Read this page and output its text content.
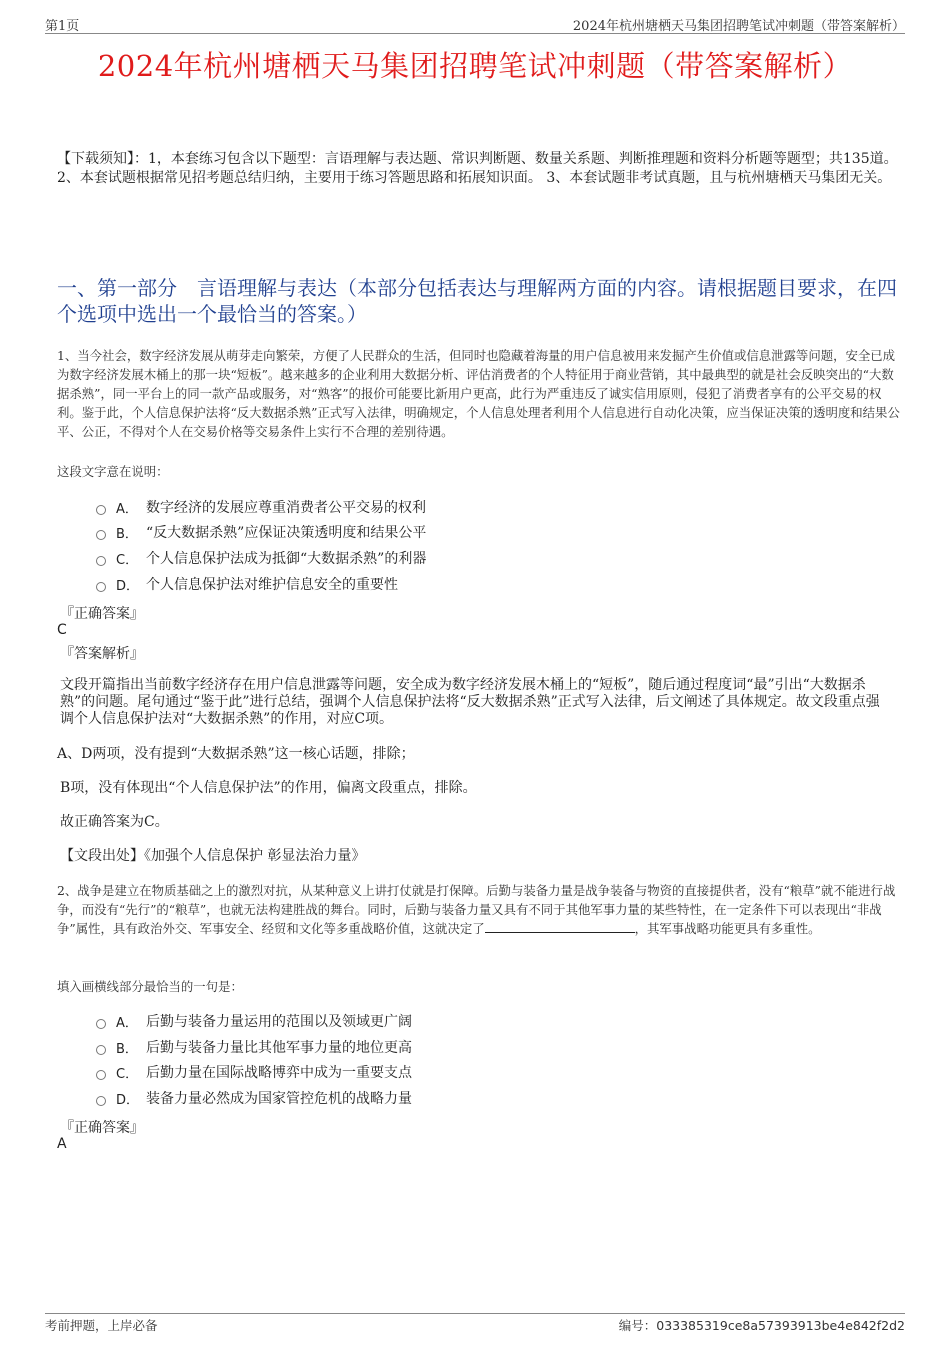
第1页	2024年杭州塘栖天马集团招聘笔试冲刺题（带答案解析）
2024年杭州塘栖天马集团招聘笔试冲刺题（带答案解析）
【下载须知】：1，本套练习包含以下题型：言语理解与表达题、常识判断题、数量关系题、判断推理题和资料分析题等题型；共135道。 2、本套试题根据常见招考题总结归纳，主要用于练习答题思路和拓展知识面。 3、本套试题非考试真题，且与杭州塘栖天马集团无关。
一、第一部分　言语理解与表达（本部分包括表达与理解两方面的内容。请根据题目要求，在四个选项中选出一个最恰当的答案。）
1、当今社会，数字经济发展从萌芽走向繁荣，方便了人民群众的生活，但同时也隐藏着海量的用户信息被用来发掘产生价值或信息泄露等问题，安全已成为数字经济发展木桶上的那一块“短板”。越来越多的企业利用大数据分析、评估消费者的个人特征用于商业营销，其中最典型的就是社会反映突出的“大数据杀熟”，同一平台上的同一款产品或服务，对“熟客”的报价可能要比新用户更高，此行为严重违反了诚实信用原则，侵犯了消费者享有的公平交易的权利。鉴于此，个人信息保护法将“反大数据杀熟”正式写入法律，明确规定，个人信息处理者利用个人信息进行自动化决策，应当保证决策的透明度和结果公平、公正，不得对个人在交易价格等交易条件上实行不合理的差别待遇。
这段文字意在说明：
A． 数字经济的发展应尊重消费者公平交易的权利
B． “反大数据杀熟”应保证决策透明度和结果公平
C． 个人信息保护法成为抵御“大数据杀熟”的利器
D． 个人信息保护法对维护信息安全的重要性
『正确答案』
C
『答案解析』
文段开篇指出当前数字经济存在用户信息泄露等问题，安全成为数字经济发展木桶上的“短板”，随后通过程度词“最”引出“大数据杀熟”的问题。尾句通过“鉴于此”进行总结，强调个人信息保护法将“反大数据杀熟”正式写入法律，后文阐述了具体规定。故文段重点强调个人信息保护法对“大数据杀熟”的作用，对应C项。
A、D两项，没有提到“大数据杀熟”这一核心话题，排除；
B项，没有体现出“个人信息保护法”的作用，偏离文段重点，排除。
故正确答案为C。
【文段出处】《加强个人信息保护 彰显法治力量》
2、战争是建立在物质基础之上的激烈对抗，从某种意义上讲打仗就是打保障。后勤与装备力量是战争装备与物资的直接提供者，没有“粮草”就不能进行战争，而没有“先行”的“粮草”，也就无法构建胜战的舞台。同时，后勤与装备力量又具有不同于其他军事力量的某些特性，在一定条件下可以表现出“非战争”属性，具有政治外交、军事安全、经贸和文化等多重战略价值，这就决定了	，其军事战略功能更具有多重性。
填入画横线部分最恰当的一句是：
A． 后勤与装备力量运用的范围以及领域更广阔
B． 后勤与装备力量比其他军事力量的地位更高
C． 后勤力量在国际战略博弈中成为一重要支点
D． 装备力量必然成为国家管控危机的战略力量
『正确答案』
A
考前押题，上岸必备	编号：033385319ce8a57393913be4e842f2d2
